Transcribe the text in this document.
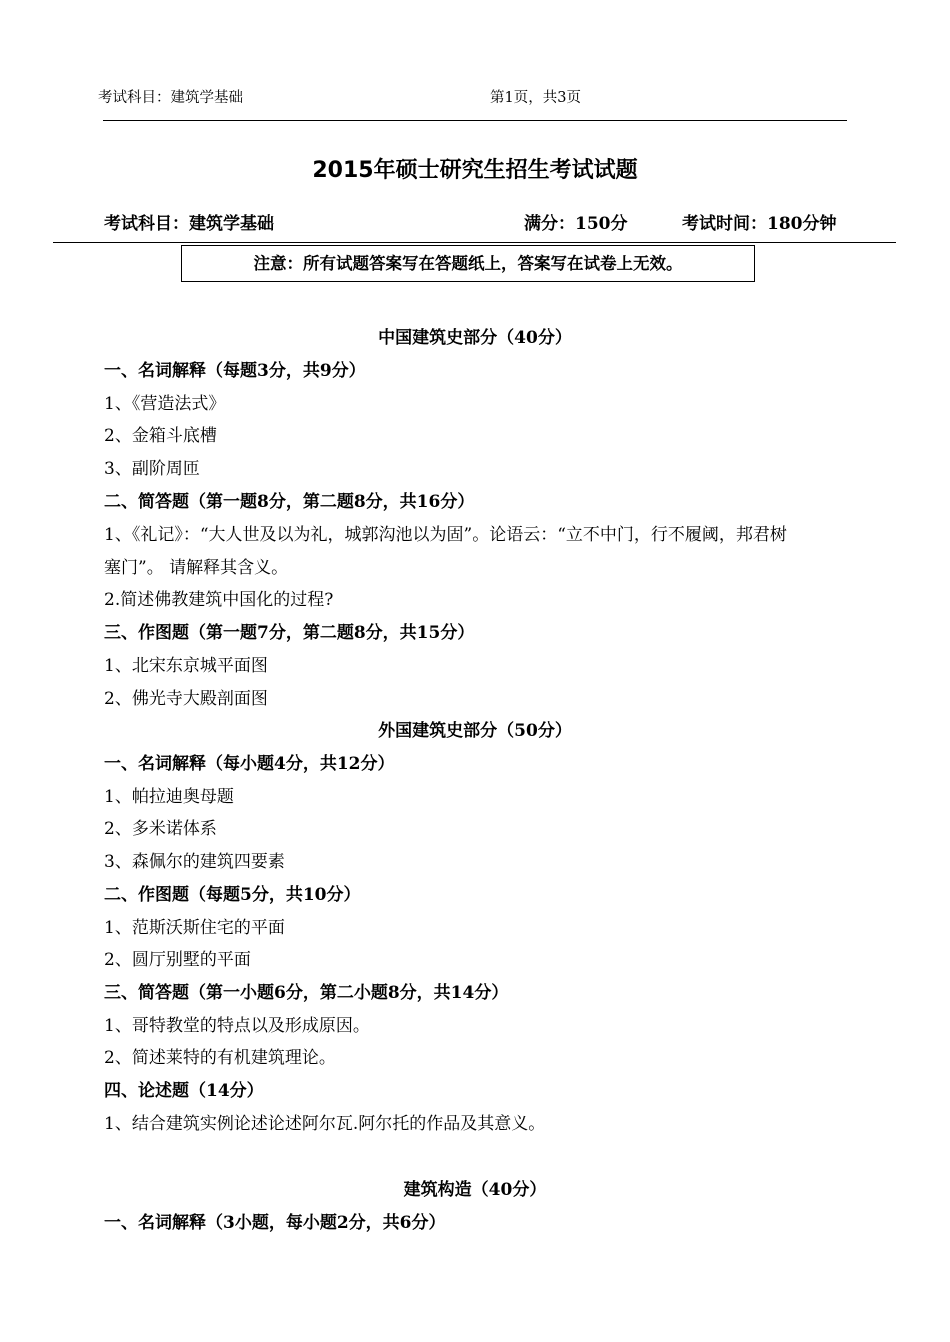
考试科目：建筑学基础	第1页，共3页
2015年硕士研究生招生考试试题
考试科目：建筑学基础	满分：150分	考试时间：180分钟
注意：所有试题答案写在答题纸上，答案写在试卷上无效。
中国建筑史部分（40分）
一、名词解释（每题3分，共9分）
1、《营造法式》
2、金箱斗底槽
3、副阶周匝
二、简答题（第一题8分，第二题8分，共16分）
1、《礼记》：“大人世及以为礼，城郭沟池以为固”。论语云：“立不中门，行不履阈，邦君树
塞门”。 请解释其含义。
2.简述佛教建筑中国化的过程?
三、作图题（第一题7分，第二题8分，共15分）
1、北宋东京城平面图
2、佛光寺大殿剖面图
外国建筑史部分（50分）
一、名词解释（每小题4分，共12分）
1、帕拉迪奥母题
2、多米诺体系
3、森佩尔的建筑四要素
二、作图题（每题5分，共10分）
1、范斯沃斯住宅的平面
2、圆厅别墅的平面
三、简答题（第一小题6分，第二小题8分，共14分）
1、哥特教堂的特点以及形成原因。
2、简述莱特的有机建筑理论。
四、论述题（14分）
1、结合建筑实例论述论述阿尔瓦.阿尔托的作品及其意义。
建筑构造（40分）
一、名词解释（3小题，每小题2分，共6分）
